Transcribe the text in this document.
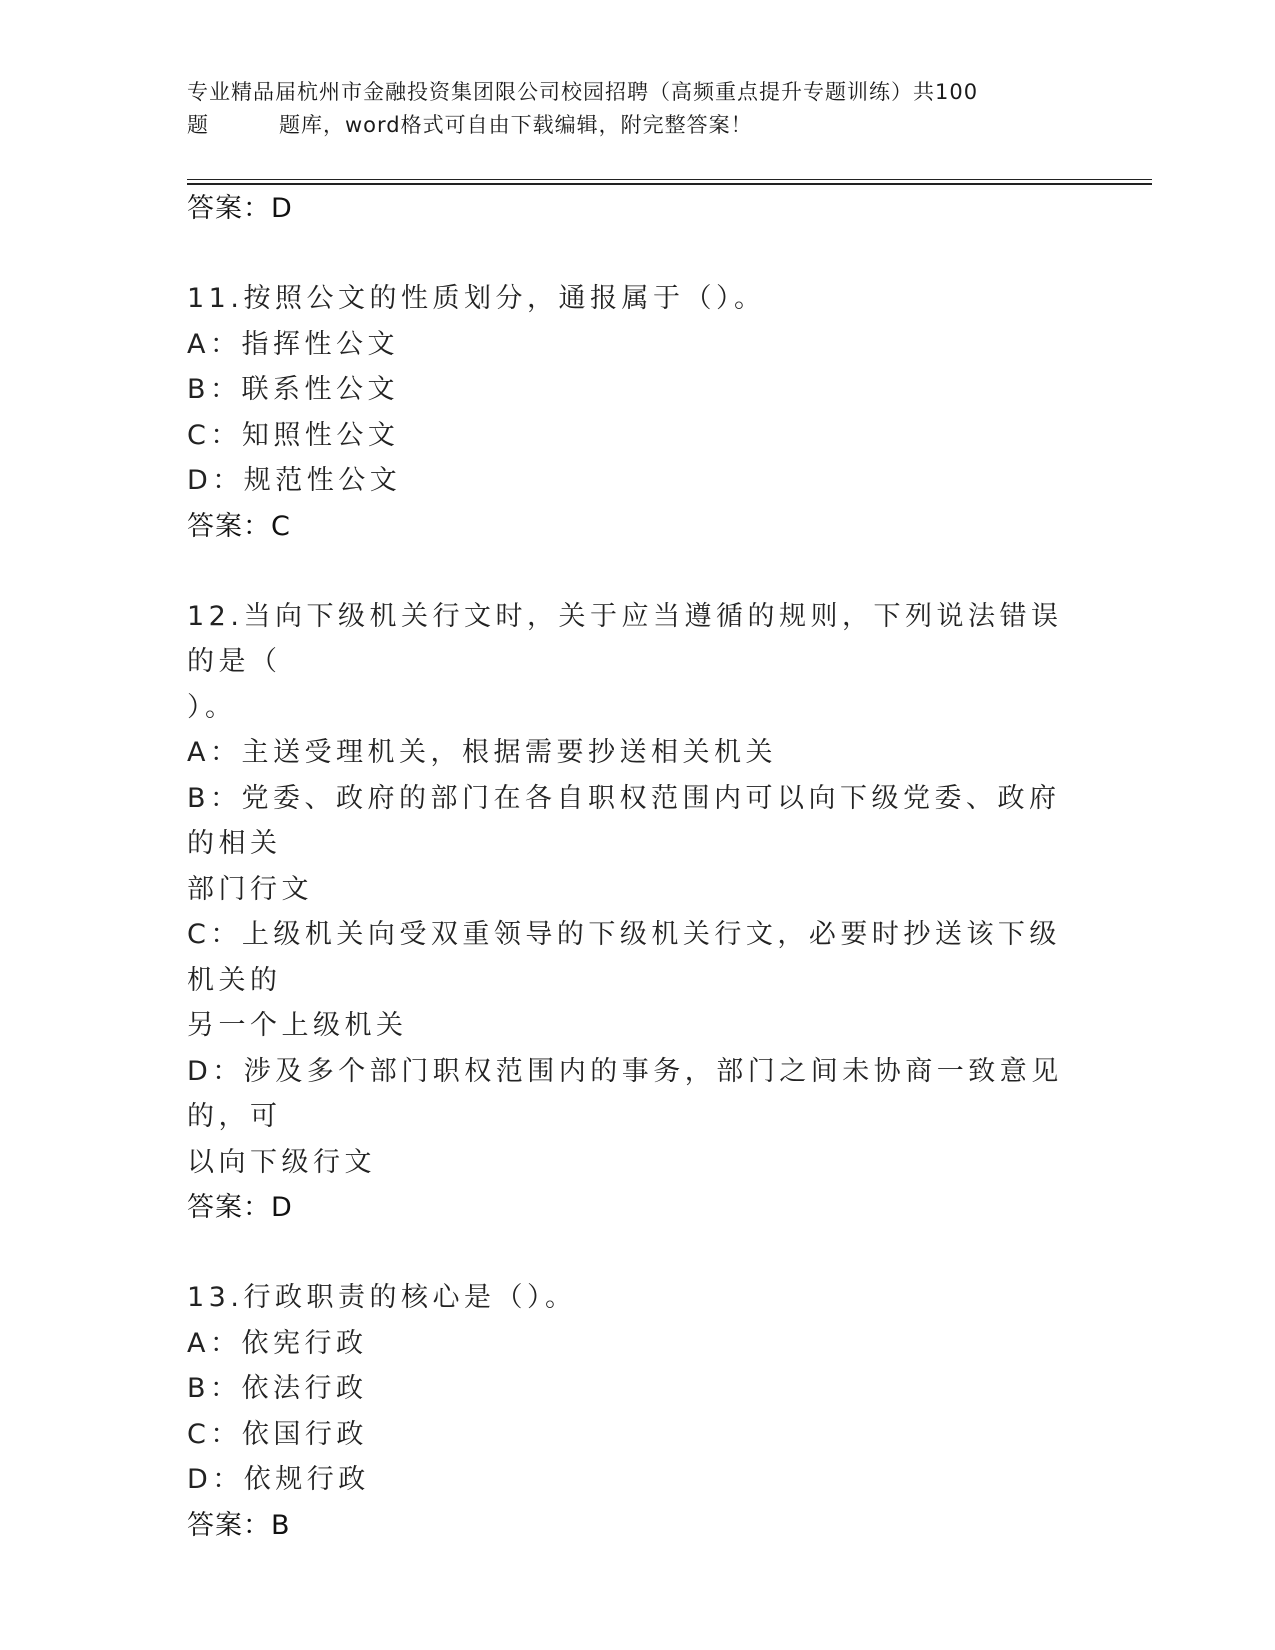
专业精品届杭州市金融投资集团限公司校园招聘（高频重点提升专题训练）共100
题	题库，word格式可自由下载编辑，附完整答案！
答案：D
11.按照公文的性质划分，通报属于（）。
A：指挥性公文
B：联系性公文
C：知照性公文
D：规范性公文
答案：C
12.当向下级机关行文时，关于应当遵循的规则，下列说法错误的是（
）。
A：主送受理机关，根据需要抄送相关机关
B：党委、政府的部门在各自职权范围内可以向下级党委、政府的相关
部门行文
C：上级机关向受双重领导的下级机关行文，必要时抄送该下级机关的
另一个上级机关
D：涉及多个部门职权范围内的事务，部门之间未协商一致意见的，可
以向下级行文
答案：D
13.行政职责的核心是（）。
A：依宪行政
B：依法行政
C：依国行政
D：依规行政
答案：B
